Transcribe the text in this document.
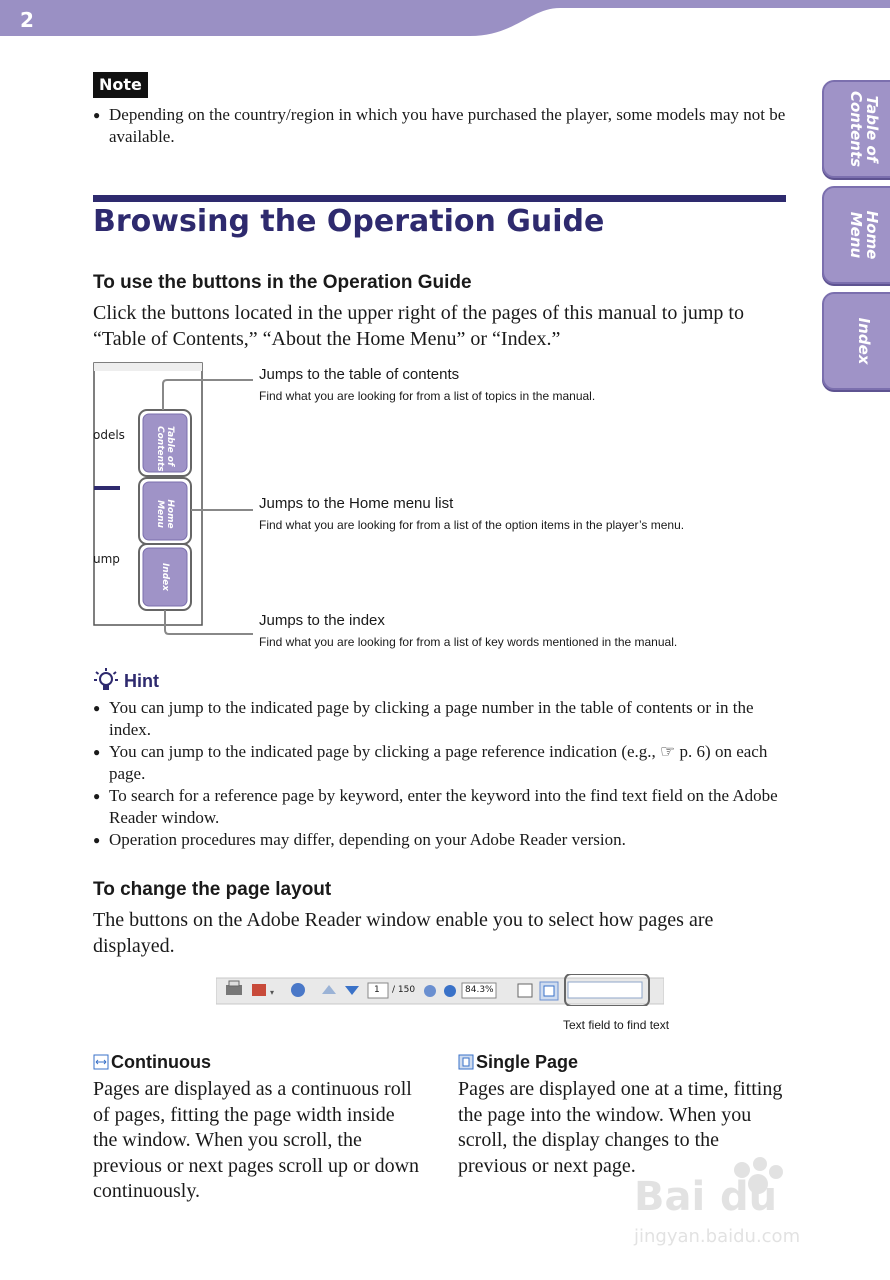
2
Table of
Contents
Home
Menu
Index
Note
● Depending on the country/region in which you have purchased the player, some models may not be available.
Browsing the Operation Guide
To use the buttons in the Operation Guide

Click the buttons located in the upper right of the pages of this manual to jump to “Table of Contents,” “About the Home Menu” or “Index.”

odels
ump
Table of
Contents
Home
Menu
Index
Jumps to the table of contents
Find what you are looking for from a list of topics in the manual.
Jumps to the Home menu list
Find what you are looking for from a list of the option items in the player’s menu.
Jumps to the index
Find what you are looking for from a list of key words mentioned in the manual.
Hint
● You can jump to the indicated page by clicking a page number in the table of contents or in the index.
● You can jump to the indicated page by clicking a page reference indication (e.g., ☞ p. 6) on each page.
● To search for a reference page by keyword, enter the keyword into the find text field on the Adobe Reader window.
● Operation procedures may differ, depending on your Adobe Reader version.
To change the page layout

The buttons on the Adobe Reader window enable you to select how pages are displayed.

▾	1 / 150	84.3%
Text field to find text
Continuous

Pages are displayed as a continuous roll of pages, fitting the page width inside the window. When you scroll, the previous or next pages scroll up or down continuously.

Single Page

Pages are displayed one at a time, fitting the page into the window. When you scroll, the display changes to the previous or next page.

Bai du
jingyan.baidu.com
